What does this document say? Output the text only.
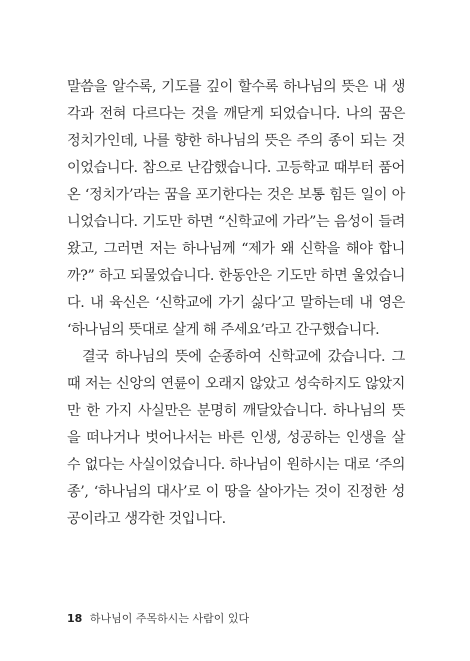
말씀을 알수록, 기도를 깊이 할수록 하나님의 뜻은 내 생
각과 전혀 다르다는 것을 깨닫게 되었습니다. 나의 꿈은
정치가인데, 나를 향한 하나님의 뜻은 주의 종이 되는 것
이었습니다. 참으로 난감했습니다. 고등학교 때부터 품어
온 ‘정치가’라는 꿈을 포기한다는 것은 보통 힘든 일이 아
니었습니다. 기도만 하면 “신학교에 가라”는 음성이 들려
왔고, 그러면 저는 하나님께 “제가 왜 신학을 해야 합니
까?” 하고 되물었습니다. 한동안은 기도만 하면 울었습니
다. 내 육신은 ‘신학교에 가기 싫다’고 말하는데 내 영은
‘하나님의 뜻대로 살게 해 주세요’라고 간구했습니다.
결국 하나님의 뜻에 순종하여 신학교에 갔습니다. 그
때 저는 신앙의 연륜이 오래지 않았고 성숙하지도 않았지
만 한 가지 사실만은 분명히 깨달았습니다. 하나님의 뜻
을 떠나거나 벗어나서는 바른 인생, 성공하는 인생을 살
수 없다는 사실이었습니다. 하나님이 원하시는 대로 ‘주의
종’, ‘하나님의 대사’로 이 땅을 살아가는 것이 진정한 성
공이라고 생각한 것입니다.
18 하나님이 주목하시는 사람이 있다
